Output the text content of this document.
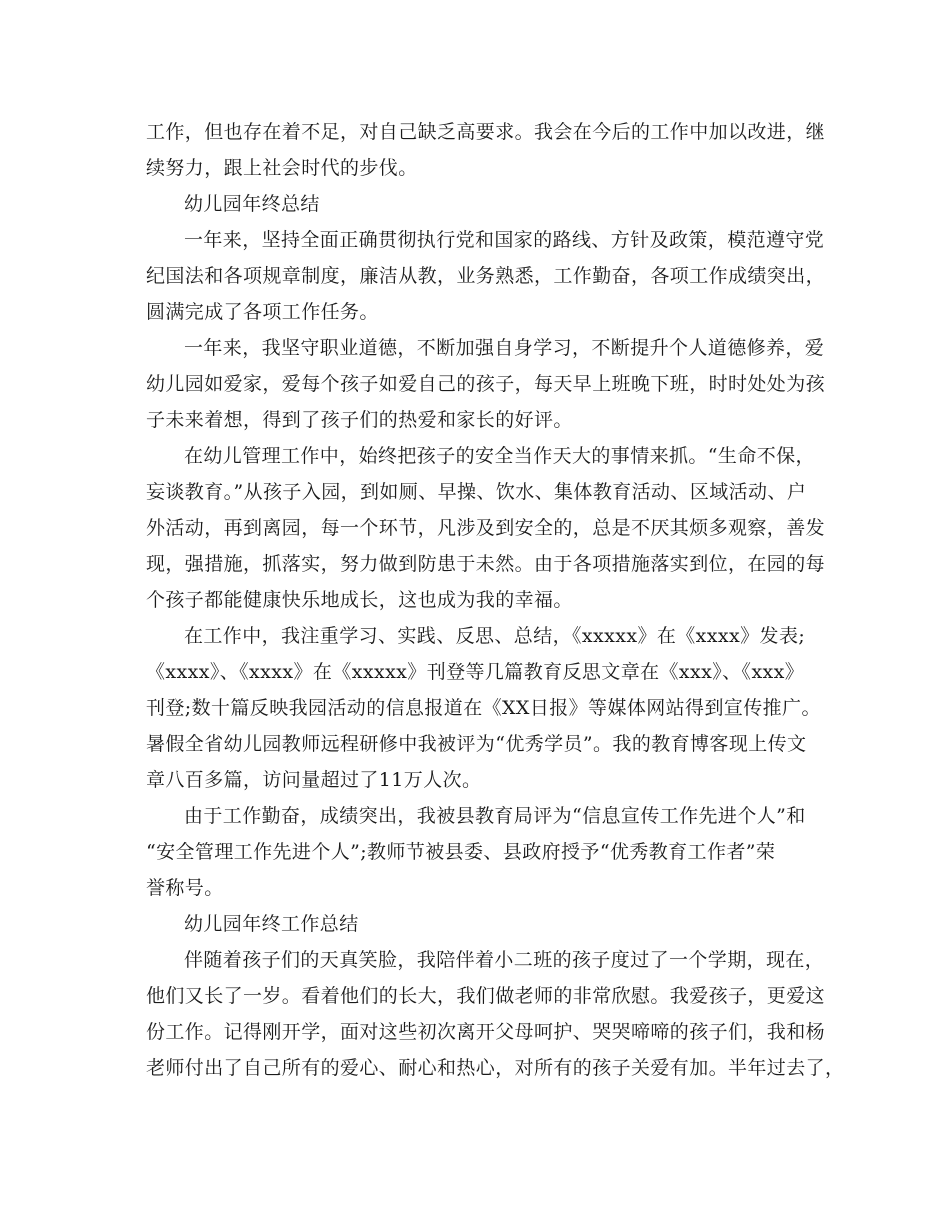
工作，但也存在着不足，对自己缺乏高要求。我会在今后的工作中加以改进，继
续努力，跟上社会时代的步伐。
幼儿园年终总结
一年来，坚持全面正确贯彻执行党和国家的路线、方针及政策，模范遵守党
纪国法和各项规章制度，廉洁从教，业务熟悉，工作勤奋，各项工作成绩突出，
圆满完成了各项工作任务。
一年来，我坚守职业道德，不断加强自身学习，不断提升个人道德修养，爱
幼儿园如爱家，爱每个孩子如爱自己的孩子，每天早上班晚下班，时时处处为孩
子未来着想，得到了孩子们的热爱和家长的好评。
在幼儿管理工作中，始终把孩子的安全当作天大的事情来抓。“生命不保，
妄谈教育。”从孩子入园，到如厕、早操、饮水、集体教育活动、区域活动、户
外活动，再到离园，每一个环节，凡涉及到安全的，总是不厌其烦多观察，善发
现，强措施，抓落实，努力做到防患于未然。由于各项措施落实到位，在园的每
个孩子都能健康快乐地成长，这也成为我的幸福。
在工作中，我注重学习、实践、反思、总结，《xxxxx》在《xxxx》发表;
《xxxx》、《xxxx》在《xxxxx》刊登等几篇教育反思文章在《xxx》、《xxx》
刊登;数十篇反映我园活动的信息报道在《XX日报》等媒体网站得到宣传推广。
暑假全省幼儿园教师远程研修中我被评为“优秀学员”。我的教育博客现上传文
章八百多篇，访问量超过了11万人次。
由于工作勤奋，成绩突出，我被县教育局评为“信息宣传工作先进个人”和
“安全管理工作先进个人”;教师节被县委、县政府授予“优秀教育工作者”荣
誉称号。
幼儿园年终工作总结
伴随着孩子们的天真笑脸，我陪伴着小二班的孩子度过了一个学期，现在，
他们又长了一岁。看着他们的长大，我们做老师的非常欣慰。我爱孩子，更爱这
份工作。记得刚开学，面对这些初次离开父母呵护、哭哭啼啼的孩子们，我和杨
老师付出了自己所有的爱心、耐心和热心，对所有的孩子关爱有加。半年过去了，
